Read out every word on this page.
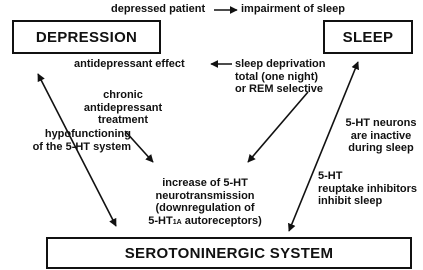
depressed patient	impairment of sleep
DEPRESSION	SLEEP
SEROTONINERGIC SYSTEM
antidepressant effect	sleep deprivation
total (one night)
or REM selective
chronic
antidepressant
treatment
hypofunctioning
of the 5-HT system
increase of 5-HT
neurotransmission
(downregulation of
5-HT1A autoreceptors)
5-HT neurons
are inactive
during sleep
5-HT
reuptake inhibitors
inhibit sleep
